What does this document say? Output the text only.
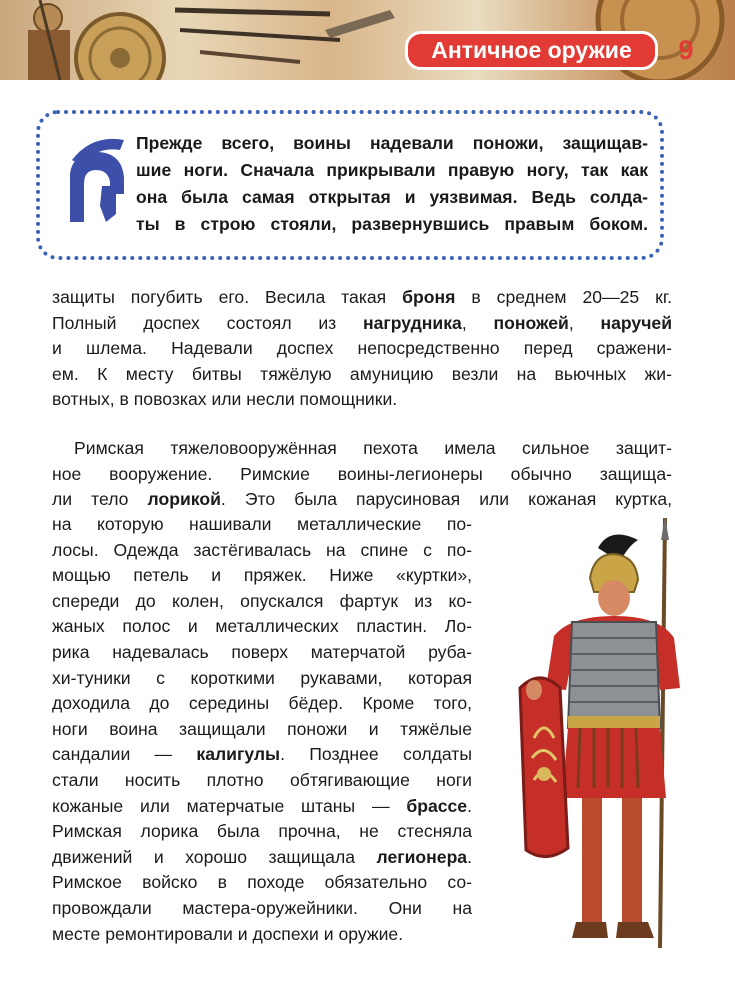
Античное оружие	9

Прежде всего, воины надевали поножи, защищав-
шие ноги. Сначала прикрывали правую ногу, так как
она была самая открытая и уязвимая. Ведь солда-
ты в строю стояли, развернувшись правым боком.

защиты погубить его. Весила такая броня в среднем 20—25 кг.
Полный доспех состоял из нагрудника, поножей, наручей
и шлема. Надевали доспех непосредственно перед сражени-
ем. К месту битвы тяжёлую амуницию везли на вьючных жи-
вотных, в повозках или несли помощники.

Римская тяжеловооружённая пехота имела сильное защит-
ное вооружение. Римские воины-легионеры обычно защища-
ли тело лорикой. Это была парусиновая или кожаная куртка,

на которую нашивали металлические по-
лосы. Одежда застёгивалась на спине с по-
мощью петель и пряжек. Ниже «куртки»,
спереди до колен, опускался фартук из ко-
жаных полос и металлических пластин. Ло-
рика надевалась поверх матерчатой руба-
хи-туники с короткими рукавами, которая
доходила до середины бёдер. Кроме того,
ноги воина защищали поножи и тяжёлые
сандалии — калигулы. Позднее солдаты
стали носить плотно обтягивающие ноги
кожаные или матерчатые штаны — брассе.
Римская лорика была прочна, не стесняла
движений и хорошо защищала легионера.
Римское войско в походе обязательно со-
провождали мастера-оружейники. Они на
месте ремонтировали и доспехи и оружие.
